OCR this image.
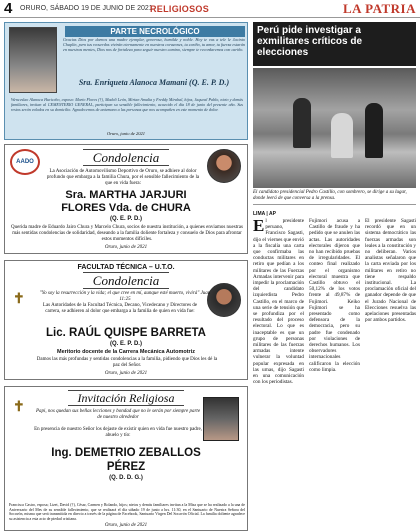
4 ORURO, SÁBADO 19 DE JUNIO DE 2021
RELIGIOSOS	LA PATRIA
PARTE NECROLÓGICO
Gracias Dios por darnos una madre ejemplar, generosa, humilde y noble. Hoy te vas a tele le Jacinto Chaplin, pero tus recuerdos vivirán eternamente en nuestros corazones, tu cariño, tu amor, tu fuerza estarán en nuestras mentes, Dios nos de fortaleza para seguir nuestro camino, siempre te recordaremos con cariño.
Sra. Enriqueta Alanoca Mamani (Q. E. P. D.)
Wenceslao Alanoca Huricebo, esposo: Mario Flores (†), Madeli León, Mirian Amalia y Freddy Mirabal, hijos, Jaqueal Pablo, nieto y demás familiares, invitan al CEMENTERIO GENERAL, participan su sensible fallecimiento, acaecido el día 18 de junio del presente año. Sus restos serán velados en su domicilio. Agradecemos de antemano a las personas que nos acompañen en este momento de dolor.
Oruro, junio de 2021
AADO	Condolencia
La Asociación de Automovilismo Deportivo de Oruro, se adhiere al dolor profundo que embarga a la familia Chura, por el sensible fallecimiento de la que en vida fuera:
Sra. MARTHA JARJURI
FLORES Vda. de CHURA
(Q. E. P. D.)
Querida madre de Eduardo Jairo Chura y Marcelo Chura, socios de nuestra institución, a quienes enviamos nuestras más sentidas condolencias de solidaridad, deseando a la familia doliente fortaleza y consuelo de Dios para afrontar estos momentos difíciles.
Oruro, junio de 2021
FACULTAD TÉCNICA – U.T.O.
Condolencia
✝	"Yo soy la resurrección y la vida; el que cree en mí, aunque esté muerto, vivirá" Juan 11:25
Las Autoridades de la Facultad Técnica, Decano, Vicedecano y Directores de carrera, se adhieren al dolor que embarga a la familia de quien en vida fue:
Lic. RAÚL QUISPE BARRETA
(Q. E. P. D.)
Meritorio docente de la Carrera Mecánica Automotriz
Damos las más profundas y sentidas condolencias a la familia, pidiendo que Dios les dé la paz del Señor.
Oruro, junio de 2021
✝
Invitación Religiosa
Papi, nos quedan sus bellas lecciones y bondad que no le serán por siempre parte de nuestro alrededor
En presencia de nuestro Señor los dejaste de existir quien en vida fue nuestro padre, abuelo y tío:
Ing. DEMETRIO ZEBALLOS
PÉREZ
(Q. D. D. G.)
Francisca Castro, esposa; Lizet, David (†), César, Carmen y Rolando, hijos; nietos y demás familiares invitan a la Misa que se ha realizado a la una de Aniversario del Mes de su sensible fallecimiento, que se realizará el día sábado 19 de junio a hrs. 11:30, en el Santuario de Nuestra Señora del Socavón, misma que será transmitida en directo a través de la página de Facebook, Santuario Virgen Del Socavón Oficial. La familia doliente agradece su asistencia a esta acto de piedad cristiana.
Oruro, junio de 2021
Perú pide investigar a exmilitares críticos de elecciones
El candidato presidencial Pedro Castillo, con sombrero, se dirige a su lugar, donde leerá de que conversa a la prensa.
LIMA | AP
El presidente peruano, Francisco Sagasti, dijo el viernes que envió a la fiscalía una carta que confirmaba las conductas militares en retiro que pedían a los militares de las Fuerzas Armadas intervenir para impedir la proclamación del candidato izquierdista Pedro Castillo, en el marco de una serie de tensión que se profundiza por el resultado del proceso electoral. Lo que es inaceptable es que un grupo de personas militares de las fuerzas armadas intente vulnerar la voluntad popular expresada en las urnas, dijo Sagasti en una comunicación con los periodistas.
Fujimori acusa a Castillo de fraude y ha pedido que se anulen las actas. Las autoridades electorales dijeron que no han recibido pruebas de irregularidades. El conteo final realizado por el organismo electoral muestra que Castillo obtuvo el 50,12% de los votos frente al 49,87% de Fujimori. Keiko Fujimori se ha presentado como defensora de la democracia, pero su padre fue condenado por violaciones de derechos humanos. Los observadores internacionales calificaron la elección como limpia.
El presidente Sagasti recordó que en un sistema democrático las fuerzas armadas son leales a la constitución y no deliberan. Varios analistas señalaron que la carta enviada por los militares en retiro no tiene respaldo institucional. La proclamación oficial del ganador depende de que el Jurado Nacional de Elecciones resuelva las apelaciones presentadas por ambos partidos.
